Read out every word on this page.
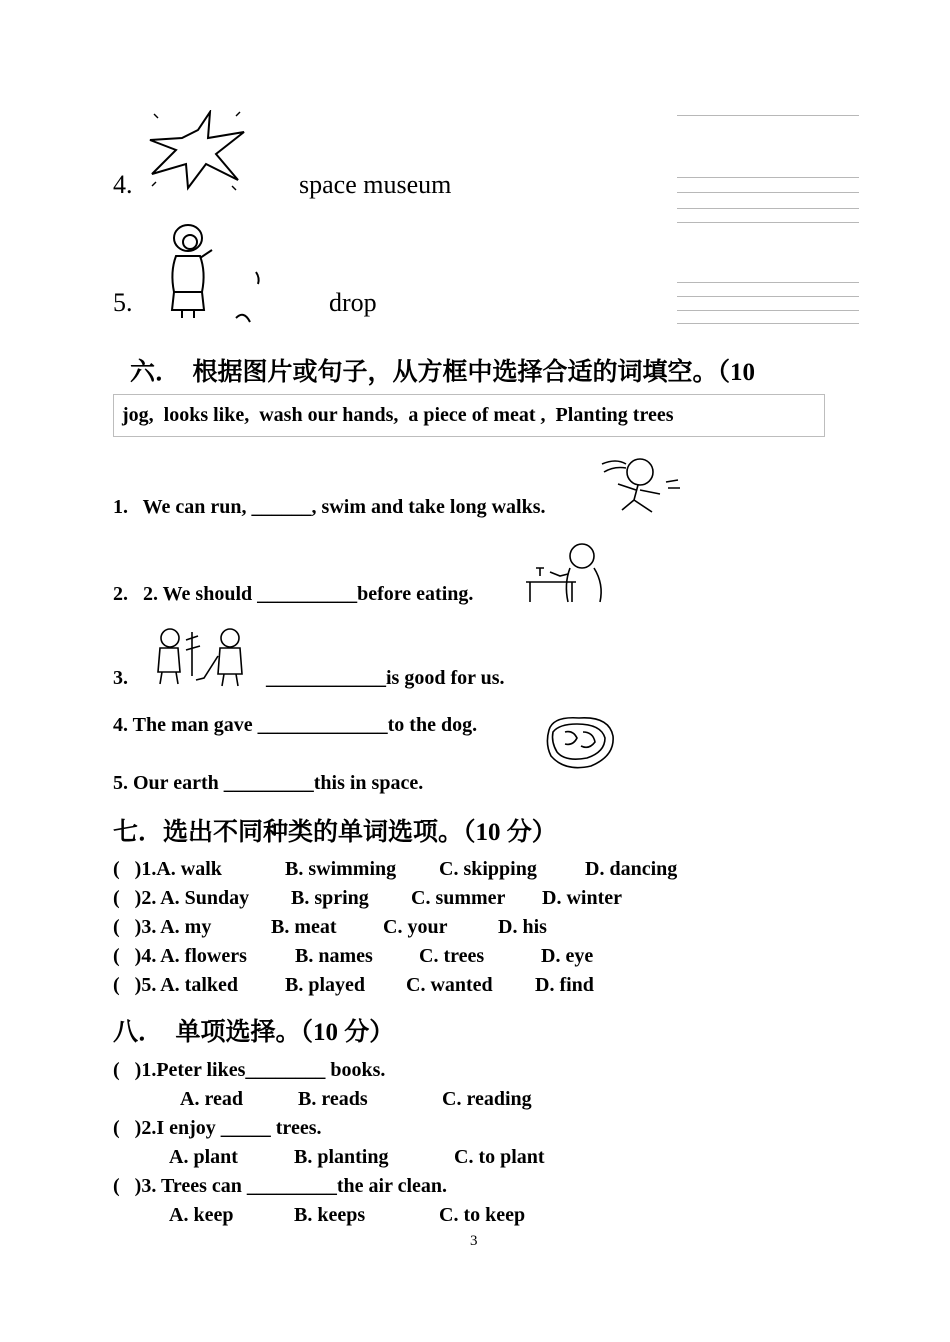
4.	space museum
5.	drop
六．  根据图片或句子，从方框中选择合适的词填空。（10
jog,  looks like,  wash our hands,  a piece of meat ,  Planting trees
1.   We can run, ______, swim and take long walks.
2.   2. We should __________before eating.
3.	____________is good for us.
4. The man gave _____________to the dog.
5. Our earth _________this in space.
七．选出不同种类的单词选项。（10 分）
(   )1.A. walk	B. swimming C. skipping D. dancing
(   )2. A. Sunday B. spring C. summer D. winter
(   )3. A. my	B. meat C. your	D. his
(   )4. A. flowers B. names C. trees	D. eye
(   )5. A. talked B. played C. wanted D. find
八．  单项选择。（10 分）
(   )1.Peter likes________ books.
A. read	B. reads	C. reading
(   )2.I enjoy _____ trees.
A. plant	B. planting	C. to plant
(   )3. Trees can _________the air clean.
A. keep	B. keeps	C. to keep
3
